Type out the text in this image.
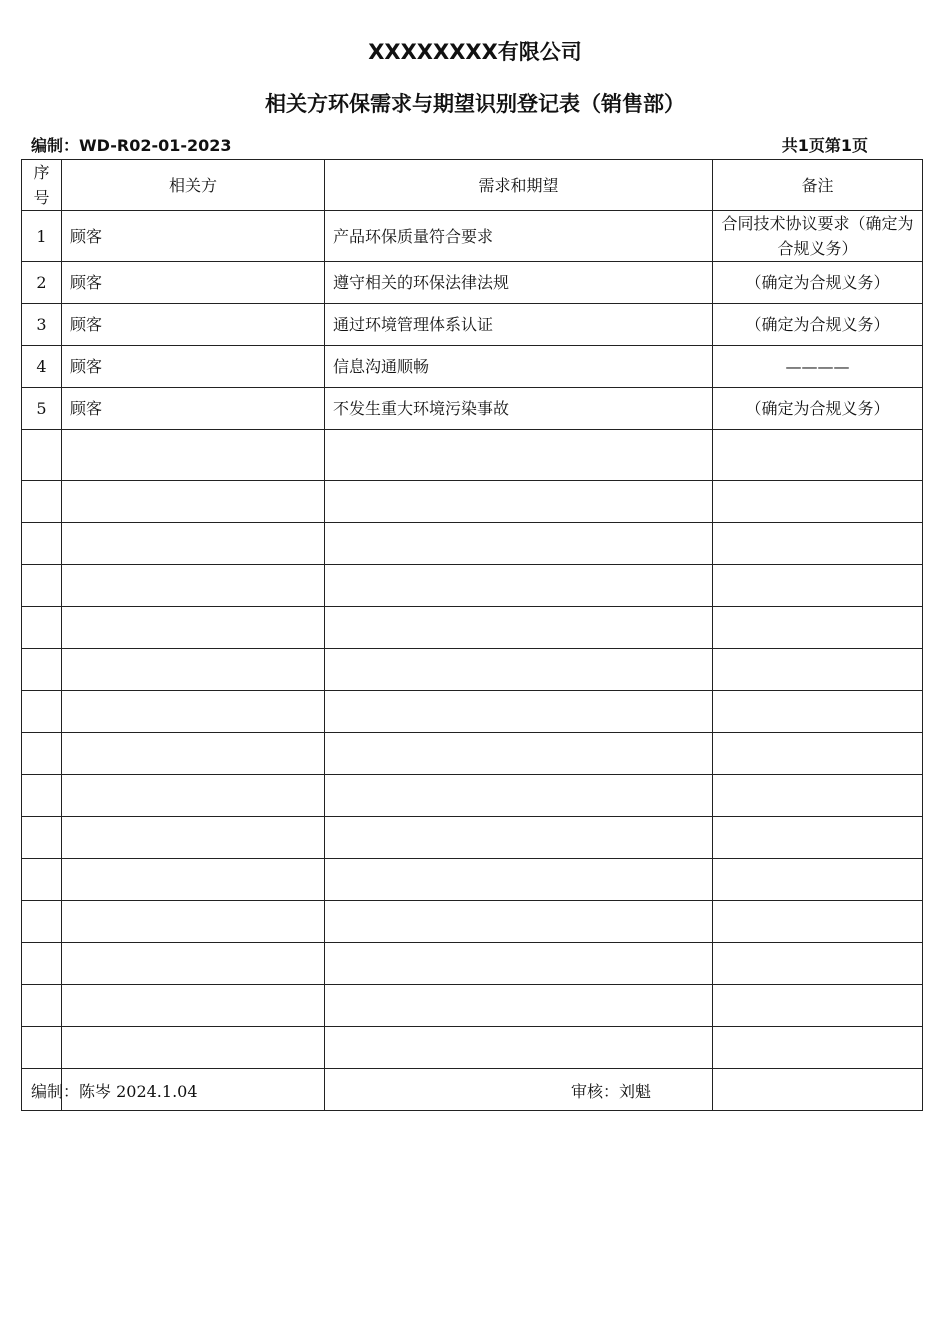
XXXXXXXX有限公司
相关方环保需求与期望识别登记表（销售部）
编制：WD-R02-01-2023	共1页第1页
序号	相关方	需求和期望	备注
1	顾客	产品环保质量符合要求	合同技术协议要求（确定为合规义务）
2	顾客	遵守相关的环保法律法规	（确定为合规义务）
3	顾客	通过环境管理体系认证	（确定为合规义务）
4	顾客	信息沟通顺畅	————
5	顾客	不发生重大环境污染事故	（确定为合规义务）

编制：陈岑 2024.1.04	审核：刘魁
